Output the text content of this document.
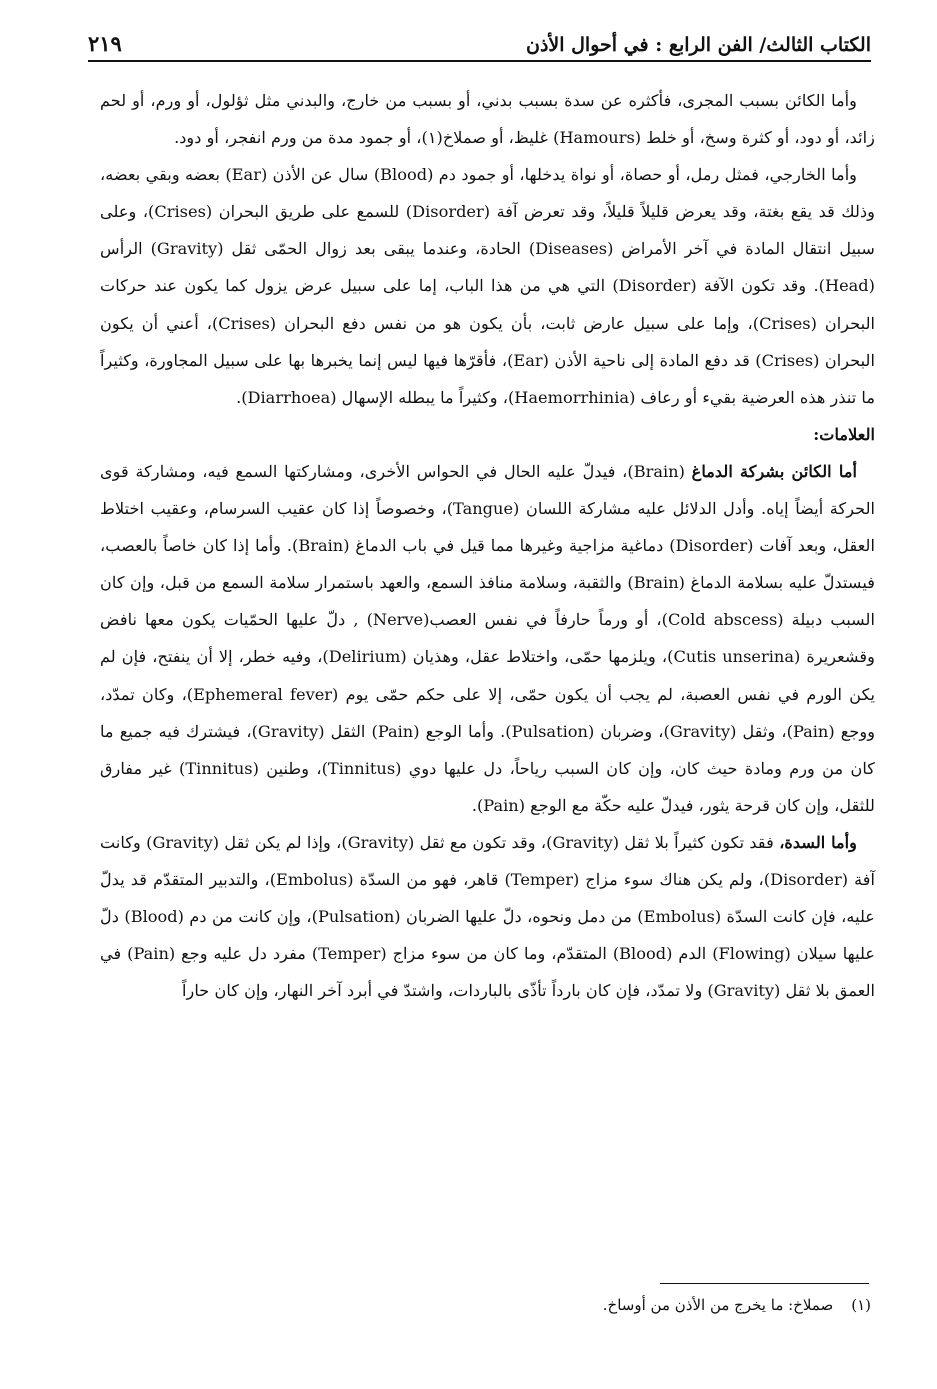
الكتاب الثالث/ الفن الرابع : في أحوال الأذن
٢١٩

وأما الكائن بسبب المجرى، فأكثره عن سدة بسبب بدني، أو بسبب من خارج، والبدني مثل ثؤلول، أو ورم، أو لحم زائد، أو دود، أو كثرة وسخ، أو خلط (Hamours) غليظ، أو صملاخ(١)، أو جمود مدة من ورم انفجر، أو دود.

وأما الخارجي، فمثل رمل، أو حصاة، أو نواة يدخلها، أو جمود دم (Blood) سال عن الأذن (Ear) بعضه وبقي بعضه، وذلك قد يقع بغتة، وقد يعرض قليلاً قليلاً، وقد تعرض آفة (Disorder) للسمع على طريق البحران (Crises)، وعلى سبيل انتقال المادة في آخر الأمراض (Diseases) الحادة، وعندما يبقى بعد زوال الحمّى ثقل (Gravity) الرأس (Head). وقد تكون الآفة (Disorder) التي هي من هذا الباب، إما على سبيل عرض يزول كما يكون عند حركات البحران (Crises)، وإما على سبيل عارض ثابت، بأن يكون هو من نفس دفع البحران (Crises)، أعني أن يكون البحران (Crises) قد دفع المادة إلى ناحية الأذن (Ear)، فأقرّها فيها ليس إنما يخبرها بها على سبيل المجاورة، وكثيراً ما تنذر هذه العرضية بقيء أو رعاف (Haemorrhinia)، وكثيراً ما يبطله الإسهال (Diarrhoea).

العلامات:

أما الكائن بشركة الدماغ (Brain)، فيدلّ عليه الحال في الحواس الأخرى، ومشاركتها السمع فيه، ومشاركة قوى الحركة أيضاً إياه. وأدل الدلائل عليه مشاركة اللسان (Tangue)، وخصوصاً إذا كان عقيب السرسام، وعقيب اختلاط العقل، وبعد آفات (Disorder) دماغية مزاجية وغيرها مما قيل في باب الدماغ (Brain). وأما إذا كان خاصاً بالعصب، فيستدلّ عليه بسلامة الدماغ (Brain) والثقبة، وسلامة منافذ السمع، والعهد باستمرار سلامة السمع من قبل، وإن كان السبب دبيلة (Cold abscess)، أو ورماً حارفاً في نفس العصب(Nerve) , دلّ عليها الحمّيات يكون معها نافض وقشعريرة (Cutis unserina)، ويلزمها حمّى، واختلاط عقل، وهذيان (Delirium)، وفيه خطر، إلا أن ينفتح، فإن لم يكن الورم في نفس العصبة، لم يجب أن يكون حمّى، إلا على حكم حمّى يوم (Ephemeral fever)، وكان تمدّد، ووجع (Pain)، وثقل (Gravity)، وضربان (Pulsation). وأما الوجع (Pain) الثقل (Gravity)، فيشترك فيه جميع ما كان من ورم ومادة حيث كان، وإن كان السبب رياحاً، دل عليها دوي (Tinnitus)، وطنين (Tinnitus) غير مفارق للثقل، وإن كان قرحة يثور، فيدلّ عليه حكّة مع الوجع (Pain).

وأما السدة، فقد تكون كثيراً بلا ثقل (Gravity)، وقد تكون مع ثقل (Gravity)، وإذا لم يكن ثقل (Gravity) وكانت آفة (Disorder)، ولم يكن هناك سوء مزاج (Temper) قاهر، فهو من السدّة (Embolus)، والتدبير المتقدّم قد يدلّ عليه، فإن كانت السدّة (Embolus) من دمل ونحوه، دلّ عليها الضربان (Pulsation)، وإن كانت من دم (Blood) دلّ عليها سيلان (Flowing) الدم (Blood) المتقدّم، وما كان من سوء مزاج (Temper) مفرد دل عليه وجع (Pain) في العمق بلا ثقل (Gravity) ولا تمدّد، فإن كان بارداً تأذّى بالباردات، واشتدّ في أبرد آخر النهار، وإن كان حاراً

(١)صملاخ: ما يخرج من الأذن من أوساخ.
